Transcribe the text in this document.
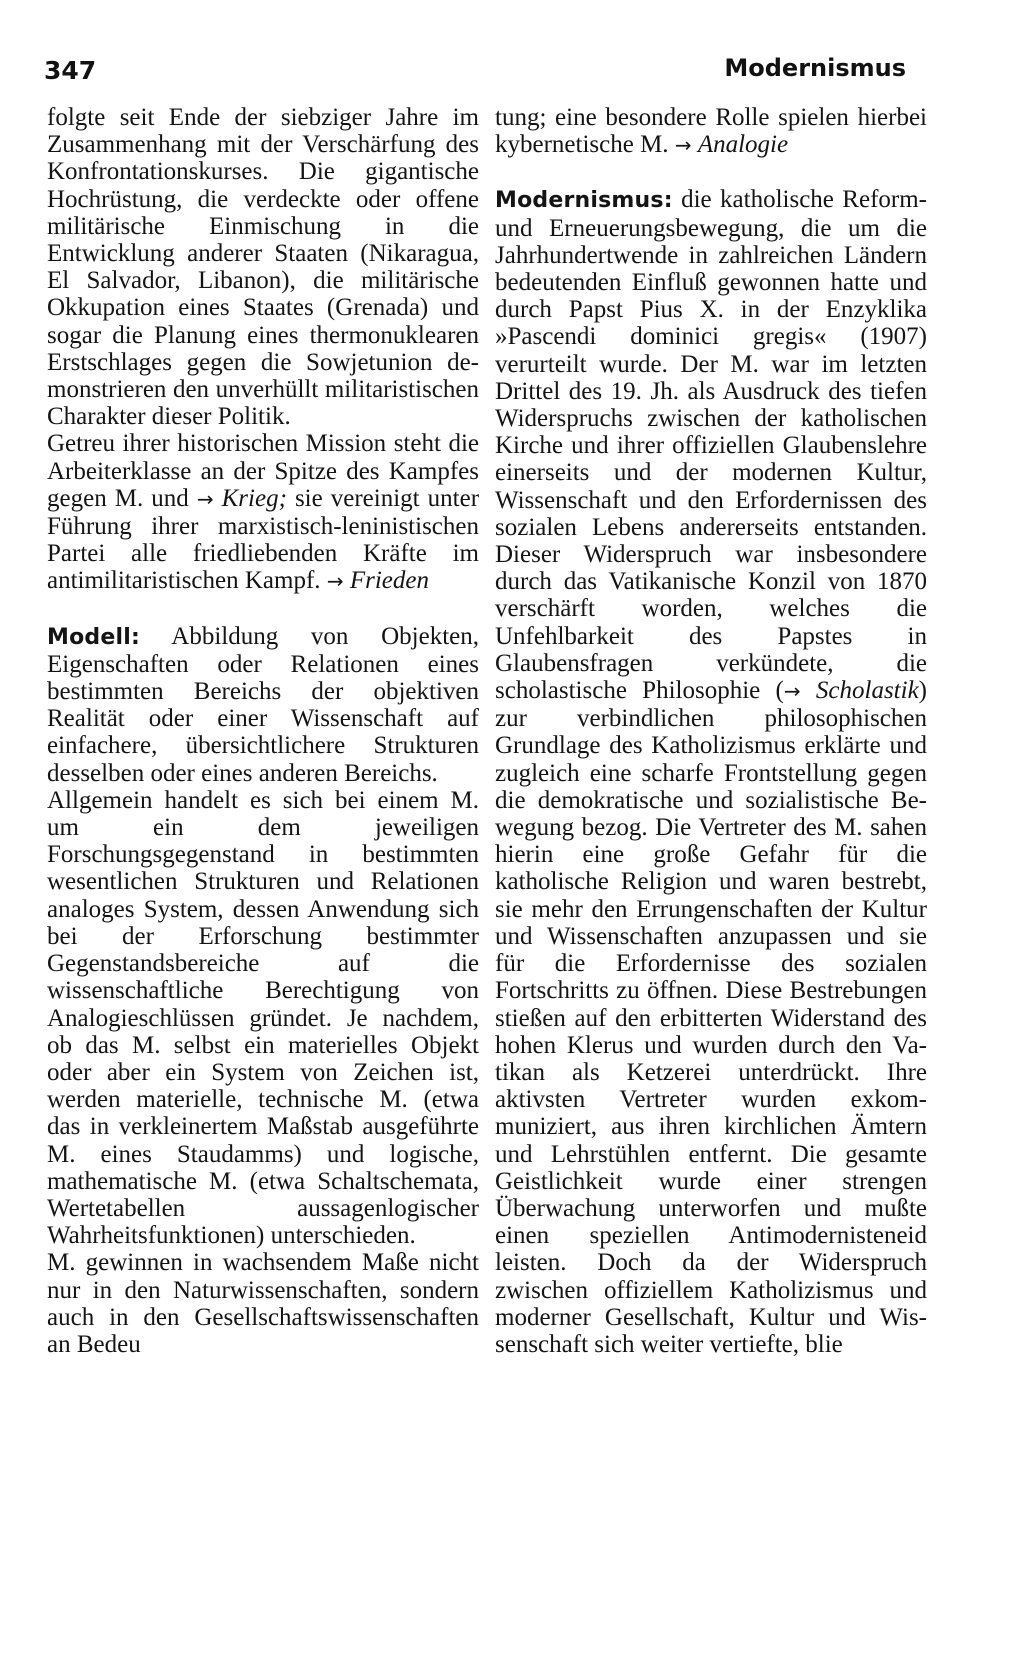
347	Modernismus

folgte seit Ende der siebziger Jahre im Zusammenhang mit der Verschärfung des Konfrontationskurses. Die gigantische Hochrüstung, die verdeckte oder offene militärische Einmischung in die Entwicklung anderer Staaten (Nikaragua, El Salvador, Libanon), die militärische Okkupation eines Staates (Grenada) und sogar die Planung eines thermonuklearen Erstschlages gegen die Sowjetunion demonstrieren den unverhüllt militaristischen Charakter dieser Politik.

Getreu ihrer historischen Mission steht die Arbeiterklasse an der Spitze des Kampfes gegen M. und → Krieg; sie vereinigt unter Führung ihrer marxistisch-leninistischen Partei alle friedliebenden Kräfte im antimilitaristischen Kampf. → Frieden

Modell: Abbildung von Objekten, Eigenschaften oder Relationen eines bestimmten Bereichs der objektiven Realität oder einer Wissenschaft auf einfachere, übersichtlichere Strukturen desselben oder eines anderen Bereichs.

Allgemein handelt es sich bei einem M. um ein dem jeweiligen Forschungsgegenstand in bestimmten wesentlichen Strukturen und Relationen analoges System, dessen Anwendung sich bei der Erforschung bestimmter Gegenstandsbereiche auf die wissenschaftliche Berechtigung von Analogieschlüssen gründet. Je nachdem, ob das M. selbst ein materielles Objekt oder aber ein System von Zeichen ist, werden materielle, technische M. (etwa das in verkleinertem Maßstab ausgeführte M. eines Staudamms) und logische, mathematische M. (etwa Schaltschemata, Wertetabellen aussagenlogischer Wahrheitsfunktionen) unterschieden.

M. gewinnen in wachsendem Maße nicht nur in den Naturwissenschaften, sondern auch in den Gesellschaftswissenschaften an Bedeu

tung; eine besondere Rolle spielen hierbei kybernetische M. → Analogie

Modernismus: die katholische Reform- und Erneuerungsbewegung, die um die Jahrhundertwende in zahlreichen Ländern bedeutenden Einfluß gewonnen hatte und durch Papst Pius X. in der Enzyklika »Pascendi dominici gregis« (1907) verurteilt wurde. Der M. war im letzten Drittel des 19. Jh. als Ausdruck des tiefen Widerspruchs zwischen der katholischen Kirche und ihrer offiziellen Glaubenslehre einerseits und der modernen Kultur, Wissenschaft und den Erfordernissen des sozialen Lebens andererseits entstanden. Dieser Widerspruch war insbesondere durch das Vatikanische Konzil von 1870 verschärft worden, welches die Unfehlbarkeit des Papstes in Glaubensfragen verkündete, die scholastische Philosophie (→ Scholastik) zur verbindlichen philosophischen Grundlage des Katholizismus erklärte und zugleich eine scharfe Frontstellung gegen die demokratische und sozialistische Bewegung bezog. Die Vertreter des M. sahen hierin eine große Gefahr für die katholische Religion und waren bestrebt, sie mehr den Errungenschaften der Kultur und Wissenschaften anzupassen und sie für die Erfordernisse des sozialen Fortschritts zu öffnen. Diese Bestrebungen stießen auf den erbitterten Widerstand des hohen Klerus und wurden durch den Vatikan als Ketzerei unterdrückt. Ihre aktivsten Vertreter wurden exkommuniziert, aus ihren kirchlichen Ämtern und Lehrstühlen entfernt. Die gesamte Geistlichkeit wurde einer strengen Überwachung unterworfen und mußte einen speziellen Antimodernisteneid leisten. Doch da der Widerspruch zwischen offiziellem Katholizismus und moderner Gesellschaft, Kultur und Wissenschaft sich weiter vertiefte, blie
